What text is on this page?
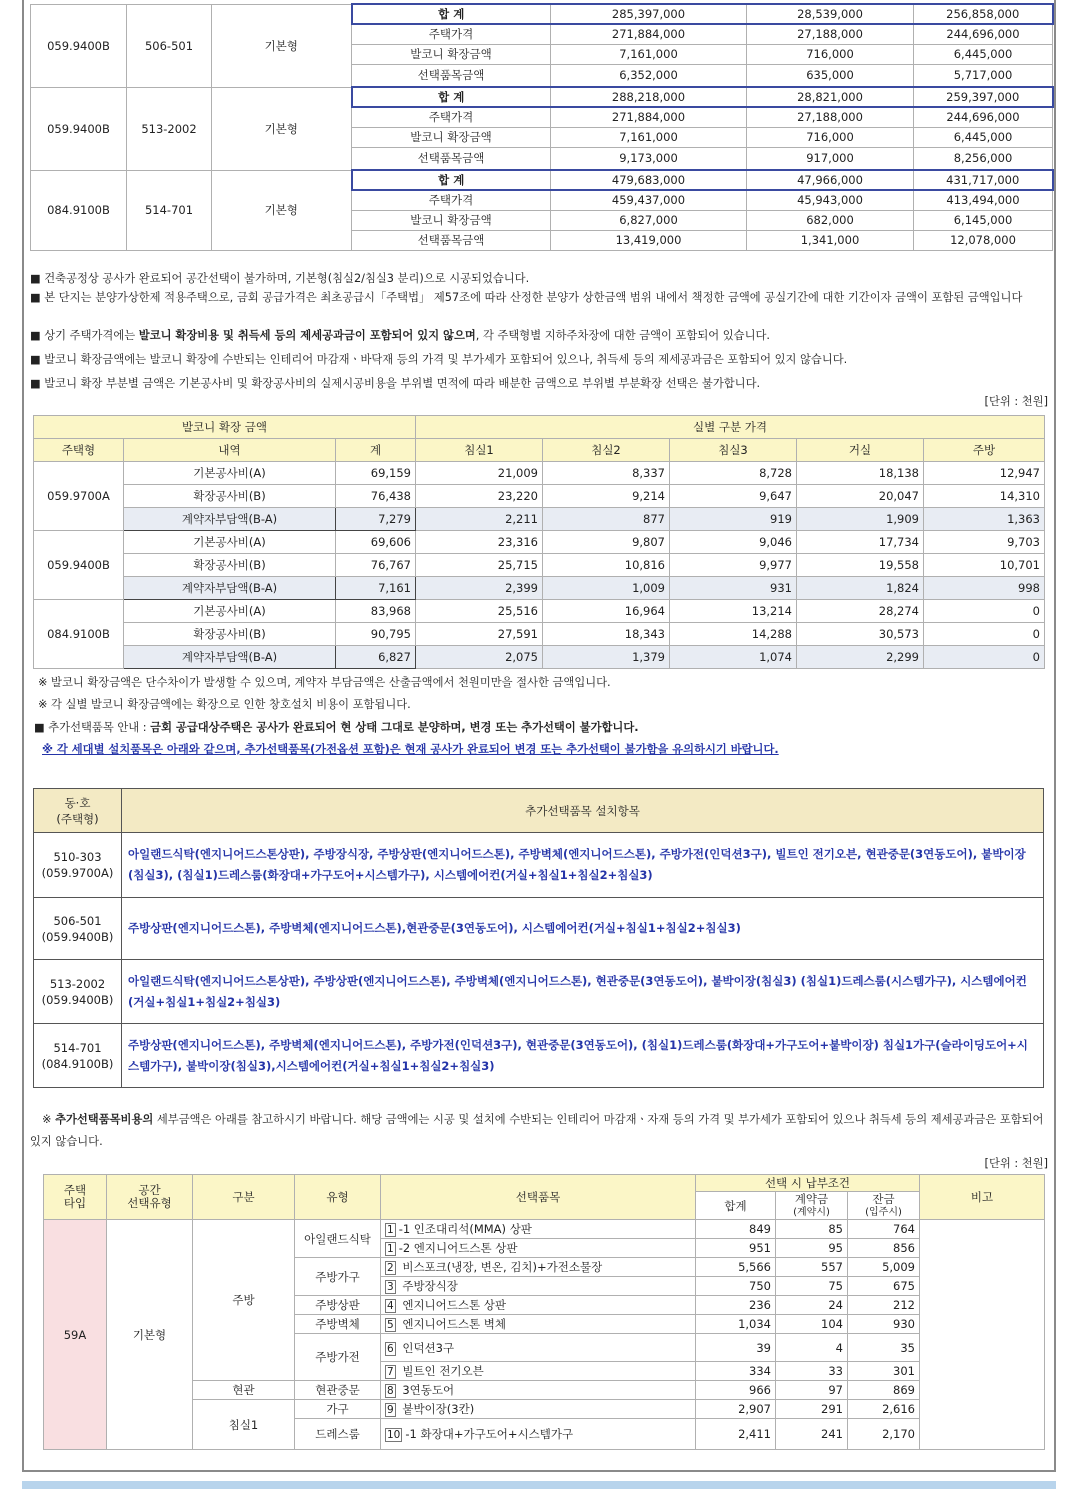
059.9400B	506-501	기본형	합 계	285,397,000	28,539,000	256,858,000
			주택가격	271,884,000	27,188,000	244,696,000
			발코니 확장금액	7,161,000	716,000	6,445,000
			선택품목금액	6,352,000	635,000	5,717,000
059.9400B	513-2002	기본형	합 계	288,218,000	28,821,000	259,397,000
			주택가격	271,884,000	27,188,000	244,696,000
			발코니 확장금액	7,161,000	716,000	6,445,000
			선택품목금액	9,173,000	917,000	8,256,000
084.9100B	514-701	기본형	합 계	479,683,000	47,966,000	431,717,000
			주택가격	459,437,000	45,943,000	413,494,000
			발코니 확장금액	6,827,000	682,000	6,145,000
			선택품목금액	13,419,000	1,341,000	12,078,000

■ 건축공정상 공사가 완료되어 공간선택이 불가하며, 기본형(침실2/침실3 분리)으로 시공되었습니다.

■ 본 단지는 분양가상한제 적용주택으로, 금회 공급가격은 최초공급시「주택법」 제57조에 따라 산정한 분양가 상한금액 범위 내에서 책정한 금액에 공실기간에 대한 기간이자 금액이 포함된 금액입니다

■ 상기 주택가격에는 발코니 확장비용 및 취득세 등의 제세공과금이 포함되어 있지 않으며, 각 주택형별 지하주차장에 대한 금액이 포함되어 있습니다.

■ 발코니 확장금액에는 발코니 확장에 수반되는 인테리어 마감재ㆍ바닥재 등의 가격 및 부가세가 포함되어 있으나, 취득세 등의 제세공과금은 포함되어 있지 않습니다.

■ 발코니 확장 부분별 금액은 기본공사비 및 확장공사비의 실제시공비용을 부위별 면적에 따라 배분한 금액으로 부위별 부분확장 선택은 불가합니다.

[단위 : 천원]
발코니 확장 금액			실별 구분 가격				
주택형	내역	계	침실1	침실2	침실3	거실	주방
059.9700A	기본공사비(A)	69,159	21,009	8,337	8,728	18,138	12,947
	확장공사비(B)	76,438	23,220	9,214	9,647	20,047	14,310
	계약자부담액(B-A)	7,279	2,211	877	919	1,909	1,363
059.9400B	기본공사비(A)	69,606	23,316	9,807	9,046	17,734	9,703
	확장공사비(B)	76,767	25,715	10,816	9,977	19,558	10,701
	계약자부담액(B-A)	7,161	2,399	1,009	931	1,824	998
084.9100B	기본공사비(A)	83,968	25,516	16,964	13,214	28,274	0
	확장공사비(B)	90,795	27,591	18,343	14,288	30,573	0
	계약자부담액(B-A)	6,827	2,075	1,379	1,074	2,299	0
※ 발코니 확장금액은 단수차이가 발생할 수 있으며, 계약자 부담금액은 산출금액에서 천원미만을 절사한 금액입니다.
※ 각 실별 발코니 확장금액에는 확장으로 인한 창호설치 비용이 포함됩니다.
■ 추가선택품목 안내 : 금회 공급대상주택은 공사가 완료되어 현 상태 그대로 분양하며, 변경 또는 추가선택이 불가합니다.
※ 각 세대별 설치품목은 아래와 같으며, 추가선택품목(가전옵션 포함)은 현재 공사가 완료되어 변경 또는 추가선택이 불가함을 유의하시기 바랍니다.
동·호
(주택형)	추가선택품목 설치항목
510-303
(059.9700A)	아일랜드식탁(엔지니어드스톤상판), 주방장식장, 주방상판(엔지니어드스톤), 주방벽체(엔지니어드스톤), 주방가전(인덕션3구), 빌트인 전기오븐, 현관중문(3연동도어), 붙박이장(침실3), (침실1)드레스룸(화장대+가구도어+시스템가구), 시스템에어컨(거실+침실1+침실2+침실3)
506-501
(059.9400B)	주방상판(엔지니어드스톤), 주방벽체(엔지니어드스톤),현관중문(3연동도어), 시스템에어컨(거실+침실1+침실2+침실3)
513-2002
(059.9400B)	아일랜드식탁(엔지니어드스톤상판), 주방상판(엔지니어드스톤), 주방벽체(엔지니어드스톤), 현관중문(3연동도어), 붙박이장(침실3) (침실1)드레스룸(시스템가구), 시스템에어컨(거실+침실1+침실2+침실3)
514-701
(084.9100B)	주방상판(엔지니어드스톤), 주방벽체(엔지니어드스톤), 주방가전(인덕션3구), 현관중문(3연동도어), (침실1)드레스룸(화장대+가구도어+붙박이장) 침실1가구(슬라이딩도어+시스템가구), 붙박이장(침실3),시스템에어컨(거실+침실1+침실2+침실3)
※ 추가선택품목비용의 세부금액은 아래를 참고하시기 바랍니다. 해당 금액에는 시공 및 설치에 수반되는 인테리어 마감재ㆍ자재 등의 가격 및 부가세가 포함되어 있으나 취득세 등의 제세공과금은 포함되어 있지 않습니다.
[단위 : 천원]
주택
타입	공간
선택유형	구분	유형	선택품목	선택 시 납부조건			비고
					합계	계약금
(계약시)	잔금
(입주시)	
59A	기본형	주방	아일랜드식탁	1 -1 인조대리석(MMA) 상판	849	85	764	
				1 -2 엔지니어드스톤 상판	951	95	856	
			주방가구	2 비스포크(냉장, 변온, 김치)+가전소물장	5,566	557	5,009	
				3 주방장식장	750	75	675	
			주방상판	4 엔지니어드스톤 상판	236	24	212	
			주방벽체	5 엔지니어드스톤 벽체	1,034	104	930	
			주방가전	6 인덕션3구	39	4	35	
				7 빌트인 전기오븐	334	33	301	
		현관	현관중문	8 3연동도어	966	97	869	
		침실1	가구	9 붙박이장(3칸)	2,907	291	2,616	
			드레스룸	10 -1 화장대+가구도어+시스템가구	2,411	241	2,170	
